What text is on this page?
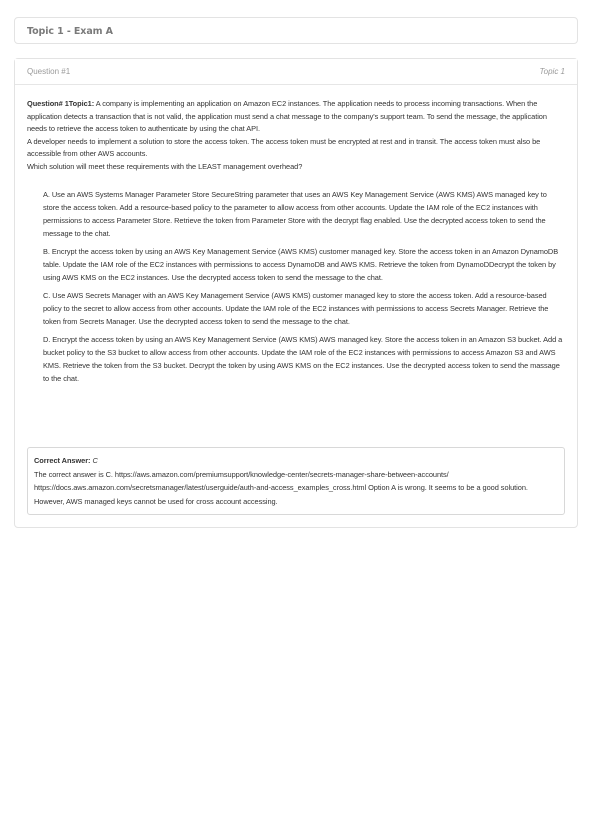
Topic 1 - Exam A
Question #1	Topic 1

Question# 1Topic1: A company is implementing an application on Amazon EC2 instances. The application needs to process incoming transactions. When the application detects a transaction that is not valid, the application must send a chat message to the company's support team. To send the message, the application needs to retrieve the access token to authenticate by using the chat API.

A developer needs to implement a solution to store the access token. The access token must be encrypted at rest and in transit. The access token must also be accessible from other AWS accounts.

Which solution will meet these requirements with the LEAST management overhead?

A. Use an AWS Systems Manager Parameter Store SecureString parameter that uses an AWS Key Management Service (AWS KMS) AWS managed key to store the access token. Add a resource-based policy to the parameter to allow access from other accounts. Update the IAM role of the EC2 instances with permissions to access Parameter Store. Retrieve the token from Parameter Store with the decrypt flag enabled. Use the decrypted access token to send the message to the chat.
B. Encrypt the access token by using an AWS Key Management Service (AWS KMS) customer managed key. Store the access token in an Amazon DynamoDB table. Update the IAM role of the EC2 instances with permissions to access DynamoDB and AWS KMS. Retrieve the token from DynamoDDecrypt the token by using AWS KMS on the EC2 instances. Use the decrypted access token to send the message to the chat.
C. Use AWS Secrets Manager with an AWS Key Management Service (AWS KMS) customer managed key to store the access token. Add a resource-based policy to the secret to allow access from other accounts. Update the IAM role of the EC2 instances with permissions to access Secrets Manager. Retrieve the token from Secrets Manager. Use the decrypted access token to send the message to the chat.
D. Encrypt the access token by using an AWS Key Management Service (AWS KMS) AWS managed key. Store the access token in an Amazon S3 bucket. Add a bucket policy to the S3 bucket to allow access from other accounts. Update the IAM role of the EC2 instances with permissions to access Amazon S3 and AWS KMS. Retrieve the token from the S3 bucket. Decrypt the token by using AWS KMS on the EC2 instances. Use the decrypted access token to send the massage to the chat.
Correct Answer: C
The correct answer is C. https://aws.amazon.com/premiumsupport/knowledge-center/secrets-manager-share-between-accounts/ https://docs.aws.amazon.com/secretsmanager/latest/userguide/auth-and-access_examples_cross.html Option A is wrong. It seems to be a good solution. However, AWS managed keys cannot be used for cross account accessing.
